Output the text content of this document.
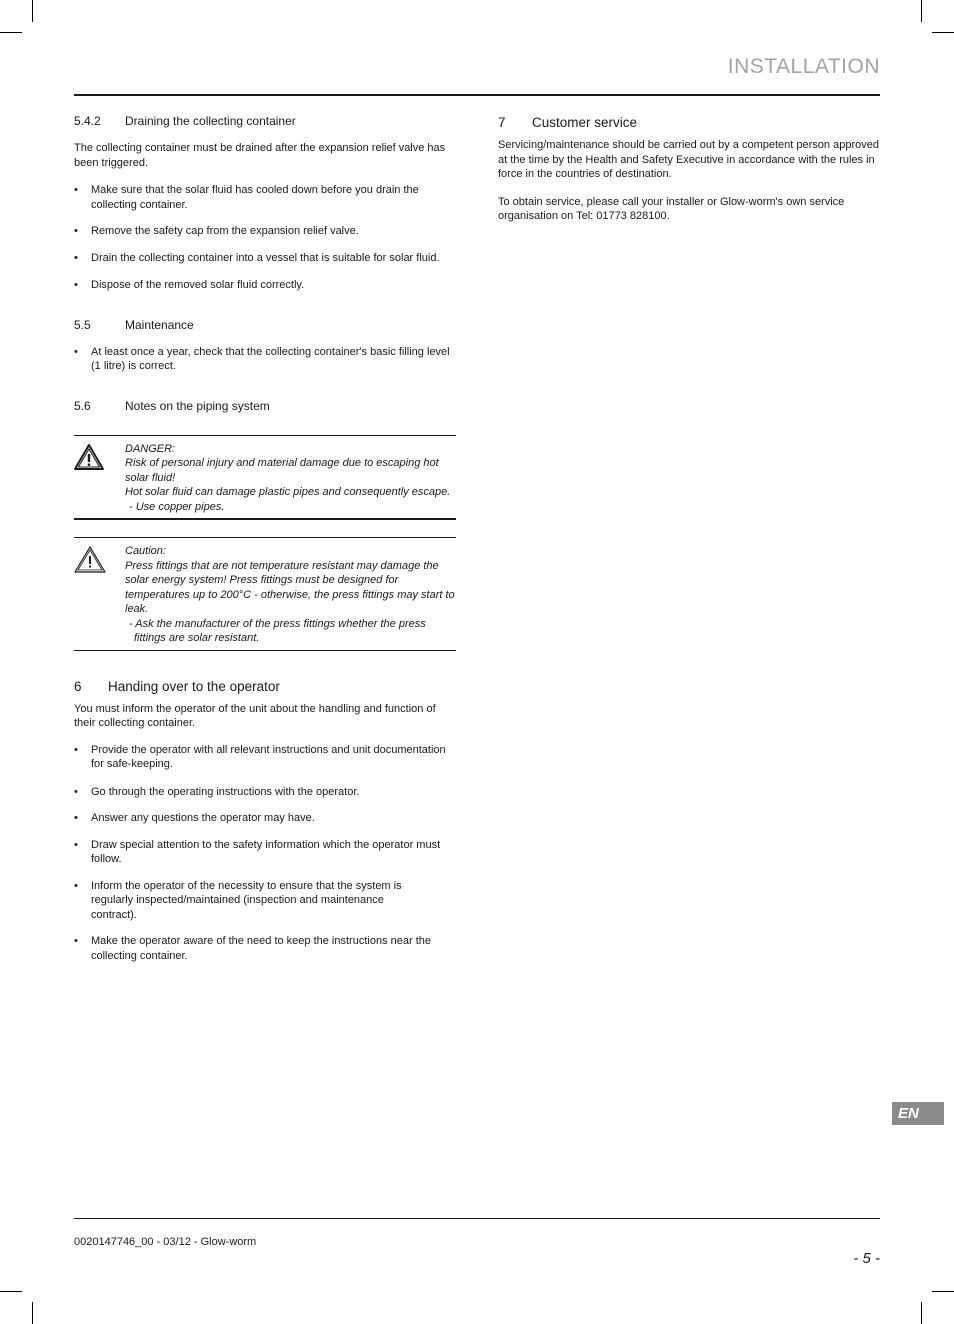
INSTALLATION
5.4.2	Draining the collecting container

The collecting container must be drained after the expansion relief valve has been triggered.

• Make sure that the solar fluid has cooled down before you drain the collecting container.
• Remove the safety cap from the expansion relief valve.
• Drain the collecting container into a vessel that is suitable for solar fluid.
• Dispose of the removed solar fluid correctly.
5.5	Maintenance
• At least once a year, check that the collecting container's basic filling level (1 litre) is correct.
5.6	Notes on the piping system
DANGER:
Risk of personal injury and material damage due to escaping hot solar fluid!
Hot solar fluid can damage plastic pipes and consequently escape.
- Use copper pipes.
Caution:
Press fittings that are not temperature resistant may damage the solar energy system! Press fittings must be designed for temperatures up to 200°C - otherwise, the press fittings may start to leak.
- Ask the manufacturer of the press fittings whether the press fittings are solar resistant.
6	Handing over to the operator

You must inform the operator of the unit about the handling and function of their collecting container.

• Provide the operator with all relevant instructions and unit documentation for safe-keeping.
• Go through the operating instructions with the operator.
• Answer any questions the operator may have.
• Draw special attention to the safety information which the operator must follow.
• Inform the operator of the necessity to ensure that the system is regularly inspected/maintained (inspection and maintenance contract).
• Make the operator aware of the need to keep the instructions near the collecting container.
7	Customer service

Servicing/maintenance should be carried out by a competent person approved at the time by the Health and Safety Executive in accordance with the rules in force in the countries of destination.

To obtain service, please call your installer or Glow-worm's own service organisation on Tel: 01773 828100.

EN
0020147746_00 - 03/12 - Glow-worm
- 5 -
